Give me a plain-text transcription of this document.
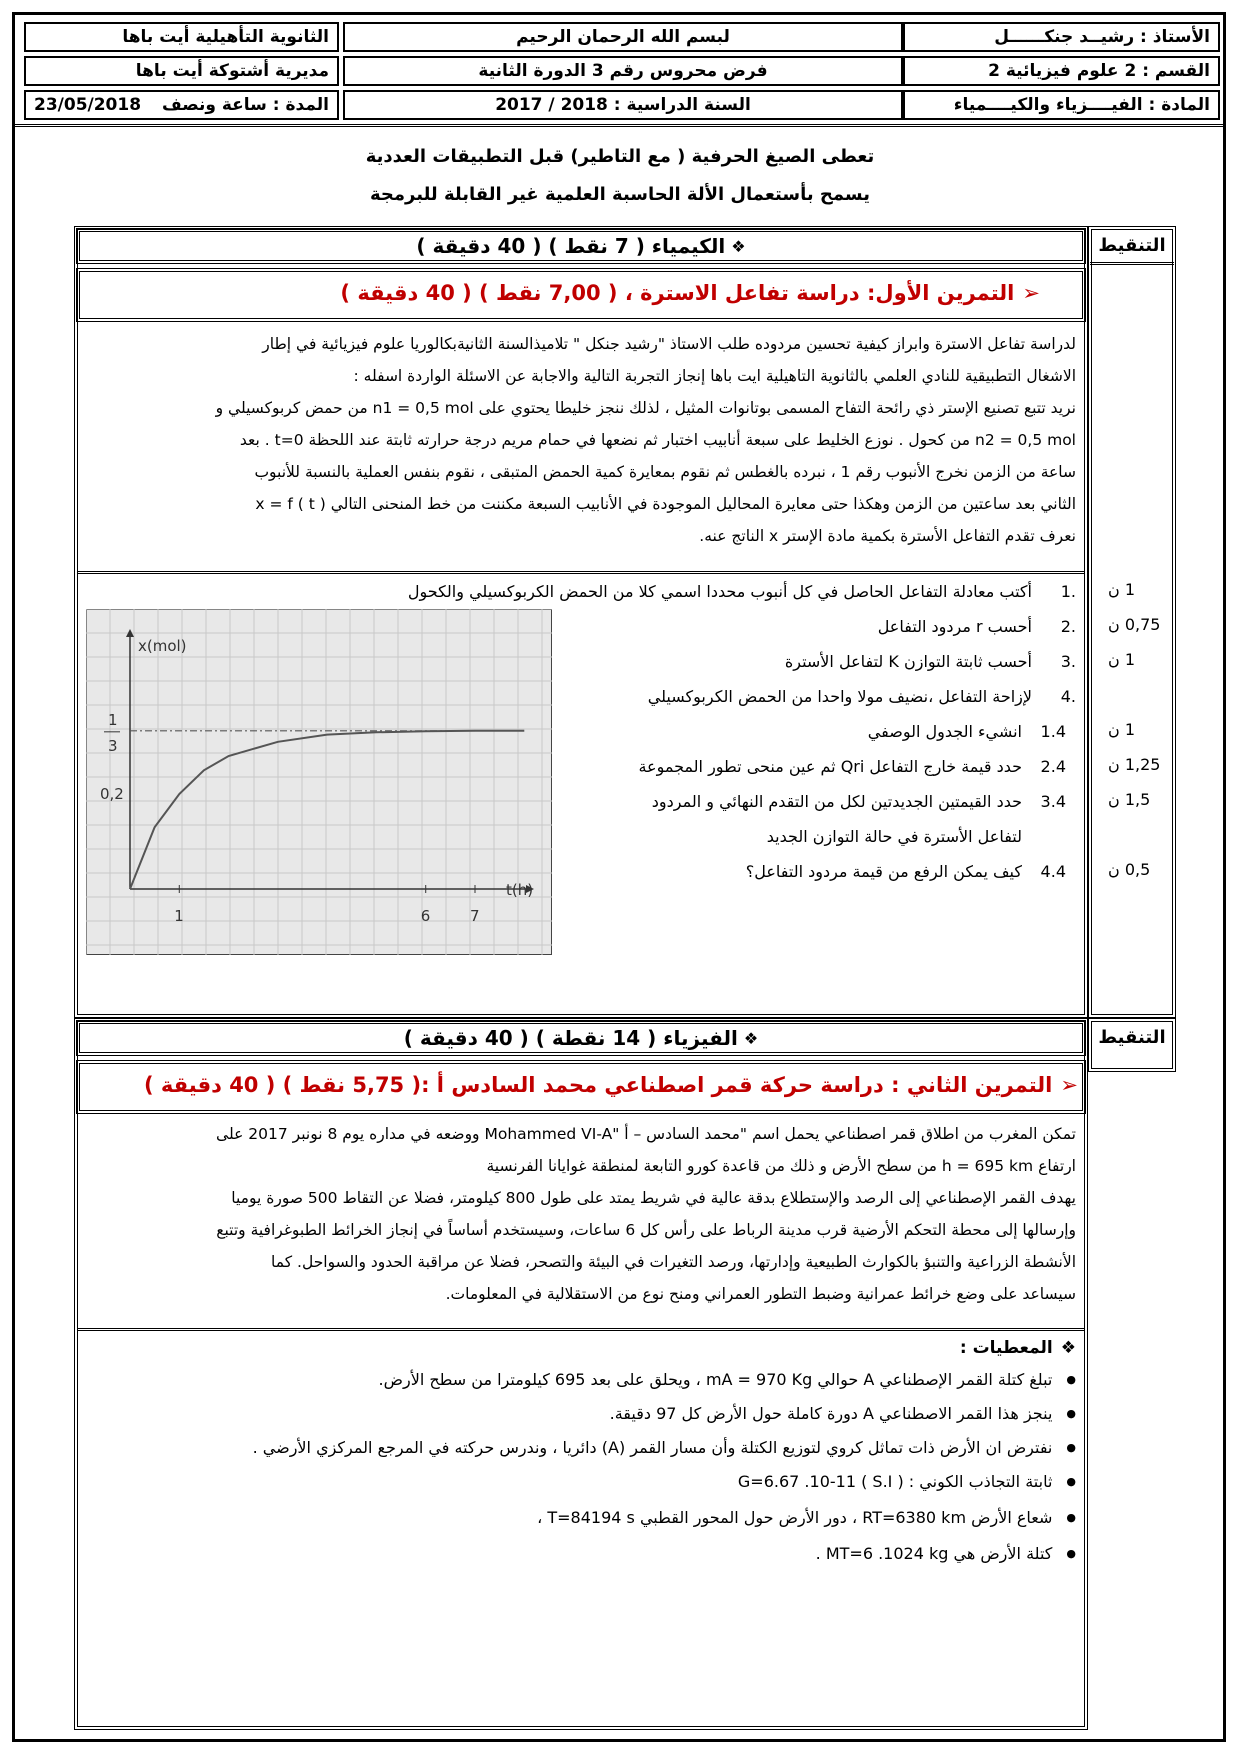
الأستاذ : رشيــد جنكــــــل
لبسم الله الرحمان الرحيم
الثانوية التأهيلية أيت باها
القسم : 2 علوم فيزيائية 2
فرض محروس رقم 3 الدورة الثانية
مديرية أشتوكة أيت باها
المادة : الفيــــزياء والكيــــمياء
السنة الدراسية : 2018 / 2017
المدة : ساعة ونصف
23/05/2018
تعطى الصيغ الحرفية ( مع التاطير) قبل التطبيقات العددية
يسمح بأستعمال الألة الحاسبة العلمية غير القابلة للبرمجة
التنقيط
❖
الكيمياء ( 7 نقط ) ( 40 دقيقة )
➢التمرين الأول: دراسة تفاعل الاسترة ، ( 7,00 نقط ) ( 40 دقيقة )

لدراسة تفاعل الاسترة وابراز كيفية تحسين مردوده طلب الاستاذ "رشيد جنكل " تلاميذالسنة الثانيةبكالوريا علوم فيزيائية في إطار

الاشغال التطبيقية للنادي العلمي بالثانوية التاهيلية ايت باها إنجاز التجربة التالية والاجابة عن الاسئلة الواردة اسفله :

نريد تتبع تصنيع الإستر ذي رائحة التفاح المسمى بوتانوات المثيل ، لذلك ننجز خليطا يحتوي على n1 = 0,5 mol من حمض كربوكسيلي و

n2 = 0,5 mol من كحول . نوزع الخليط على سبعة أنابيب اختبار ثم نضعها في حمام مريم درجة حرارته ثابتة عند اللحظة t=0 . بعد

ساعة من الزمن نخرج الأنبوب رقم 1 ، نبرده بالغطس ثم نقوم بمعايرة كمية الحمض المتبقى ، نقوم بنفس العملية بالنسبة للأنبوب

الثاني بعد ساعتين من الزمن وهكذا حتى معايرة المحاليل الموجودة في الأنابيب السبعة مكننت من خط المنحنى التالي x = f ( t )

نعرف تقدم التفاعل الأسترة بكمية مادة الإستر x الناتج عنه.

.1أكتب معادلة التفاعل الحاصل في كل أنبوب محددا اسمي كلا من الحمض الكربوكسيلي والكحول
.2أحسب r مردود التفاعل
.3أحسب ثابتة التوازن K لتفاعل الأسترة
.4لإزاحة التفاعل ،نضيف مولا واحدا من الحمض الكربوكسيلي
1.4انشيء الجدول الوصفي
2.4حدد قيمة خارج التفاعل Qri ثم عين منحى تطور المجموعة
3.4حدد القيمتين الجديدتين لكل من التقدم النهائي و المردود
لتفاعل الأسترة في حالة التوازن الجديد
4.4كيف يمكن الرفع من قيمة مردود التفاعل؟
1 ن
0,75 ن
1 ن
1 ن
1,25 ن
1,5 ن
0,5 ن
x(mol)
t(h)
1	6	7
0,2
1
3
التنقيط
❖
الفيزياء ( 14 نقطة ) ( 40 دقيقة )
➢التمرين الثاني : دراسة حركة قمر اصطناعي محمد السادس أ :( 5,75 نقط ) ( 40 دقيقة )

تمكن المغرب من اطلاق قمر اصطناعي يحمل اسم "محمد السادس – أ "Mohammed VI-A ووضعه في مداره يوم 8 نونبر 2017 على

ارتفاع h = 695 km من سطح الأرض و ذلك من قاعدة كورو التابعة لمنطقة غوايانا الفرنسية

يهدف القمر الإصطناعي إلى الرصد والإستطلاع بدقة عالية في شريط يمتد على طول 800 كيلومتر، فضلا عن التقاط 500 صورة يوميا

وإرسالها إلى محطة التحكم الأرضية قرب مدينة الرباط على رأس كل 6 ساعات، وسيستخدم أساساً في إنجاز الخرائط الطبوغرافية وتتبع

الأنشطة الزراعية والتنبؤ بالكوارث الطبيعية وإدارتها، ورصد التغيرات في البيئة والتصحر، فضلا عن مراقبة الحدود والسواحل. كما

سيساعد على وضع خرائط عمرانية وضبط التطور العمراني ومنح نوع من الاستقلالية في المعلومات.

❖المعطيات :
● تبلغ كتلة القمر الإصطناعي A حوالي mA = 970 Kg ، ويحلق على بعد 695 كيلومترا من سطح الأرض.
● ينجز هذا القمر الاصطناعي A دورة كاملة حول الأرض كل 97 دقيقة.
● نفترض ان الأرض ذات تماثل كروي لتوزيع الكتلة وأن مسار القمر (A) دائريا ، وندرس حركته في المرجع المركزي الأرضي .
● ثابتة التجاذب الكوني : ( S.I ) G=6.67 .10-11
● شعاع الأرض RT=6380 km ، دور الأرض حول المحور القطبي T=84194 s ،
● كتلة الأرض هي MT=6 .1024 kg .
